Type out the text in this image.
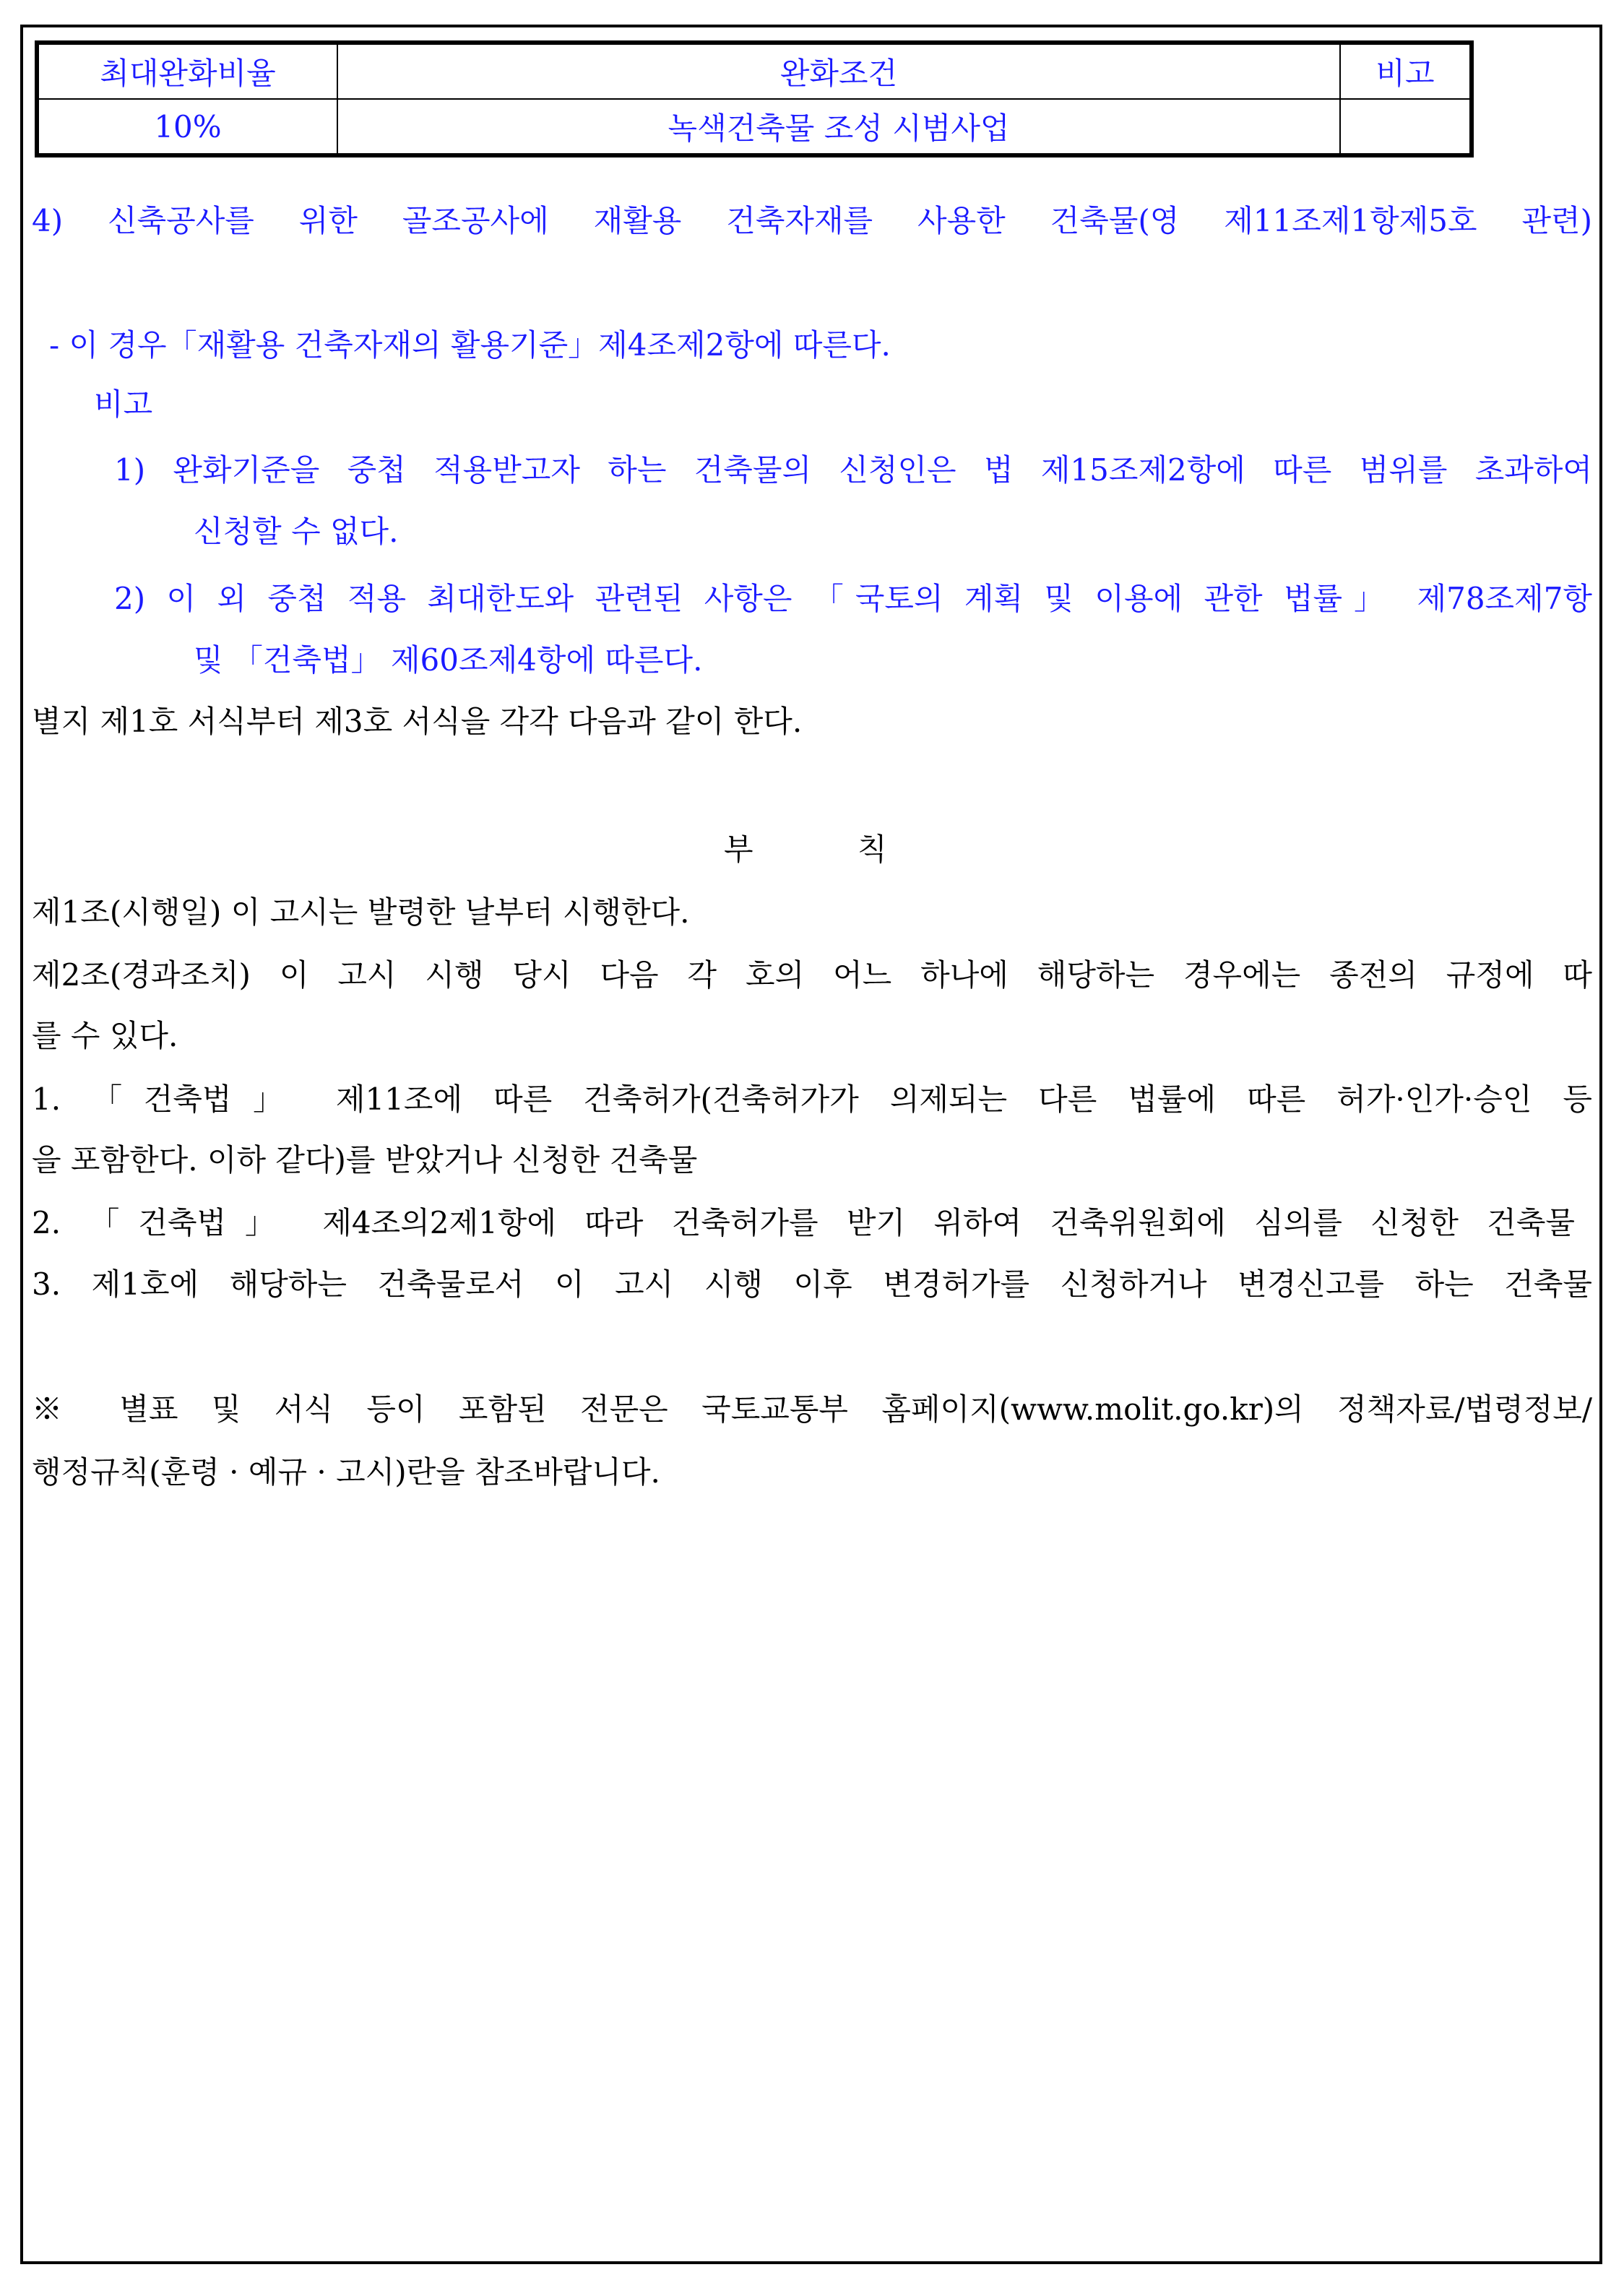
최대완화비율	완화조건	비고
10%	녹색건축물 조성 시범사업	
4) 신축공사를 위한 골조공사에 재활용 건축자재를 사용한 건축물(영 제11조제1항제5호 관련)
- 이 경우「재활용 건축자재의 활용기준」제4조제2항에 따른다.
비고
1) 완화기준을 중첩 적용받고자 하는 건축물의 신청인은 법 제15조제2항에 따른 범위를 초과하여
신청할 수 없다.
2) 이 외 중첩 적용 최대한도와 관련된 사항은 「국토의 계획 및 이용에 관한 법률」 제78조제7항
및 「건축법」 제60조제4항에 따른다.
별지 제1호 서식부터 제3호 서식을 각각 다음과 같이 한다.
부	칙
제1조(시행일) 이 고시는 발령한 날부터 시행한다.
제2조(경과조치) 이 고시 시행 당시 다음 각 호의 어느 하나에 해당하는 경우에는 종전의 규정에 따
를 수 있다.
1. 「건축법」 제11조에 따른 건축허가(건축허가가 의제되는 다른 법률에 따른 허가·인가·승인 등
을 포함한다. 이하 같다)를 받았거나 신청한 건축물
2. 「건축법」 제4조의2제1항에 따라 건축허가를 받기 위하여 건축위원회에 심의를 신청한 건축물
3. 제1호에 해당하는 건축물로서 이 고시 시행 이후 변경허가를 신청하거나 변경신고를 하는 건축물
※ 별표 및 서식 등이 포함된 전문은 국토교통부 홈페이지(www.molit.go.kr)의 정책자료/법령정보/
행정규칙(훈령 · 예규 · 고시)란을 참조바랍니다.
